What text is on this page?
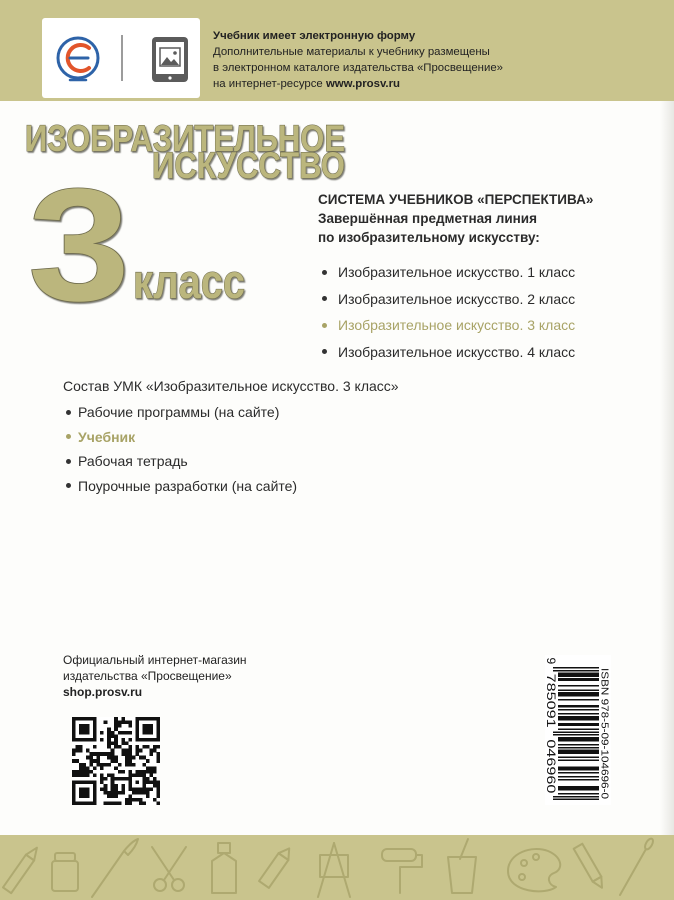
Учебник имеет электронную форму
Дополнительные материалы к учебнику размещены
в электронном каталоге издательства «Просвещение»
на интернет-ресурсе www.prosv.ru
ИЗОБРАЗИТЕЛЬНОЕ
ИСКУССТВО
3 класс
СИСТЕМА УЧЕБНИКОВ «ПЕРСПЕКТИВА»
Завершённая предметная линия
по изобразительному искусству:
Изобразительное искусство. 1 класс
Изобразительное искусство. 2 класс
Изобразительное искусство. 3 класс
Изобразительное искусство. 4 класс
Состав УМК «Изобразительное искусство. 3 класс»
Рабочие программы (на сайте)
Учебник
Рабочая тетрадь
Поурочные разработки (на сайте)
Официальный интернет-магазин
издательства «Просвещение»
shop.prosv.ru	ISBN 978-5-09-104696-0
9
785091
046960
